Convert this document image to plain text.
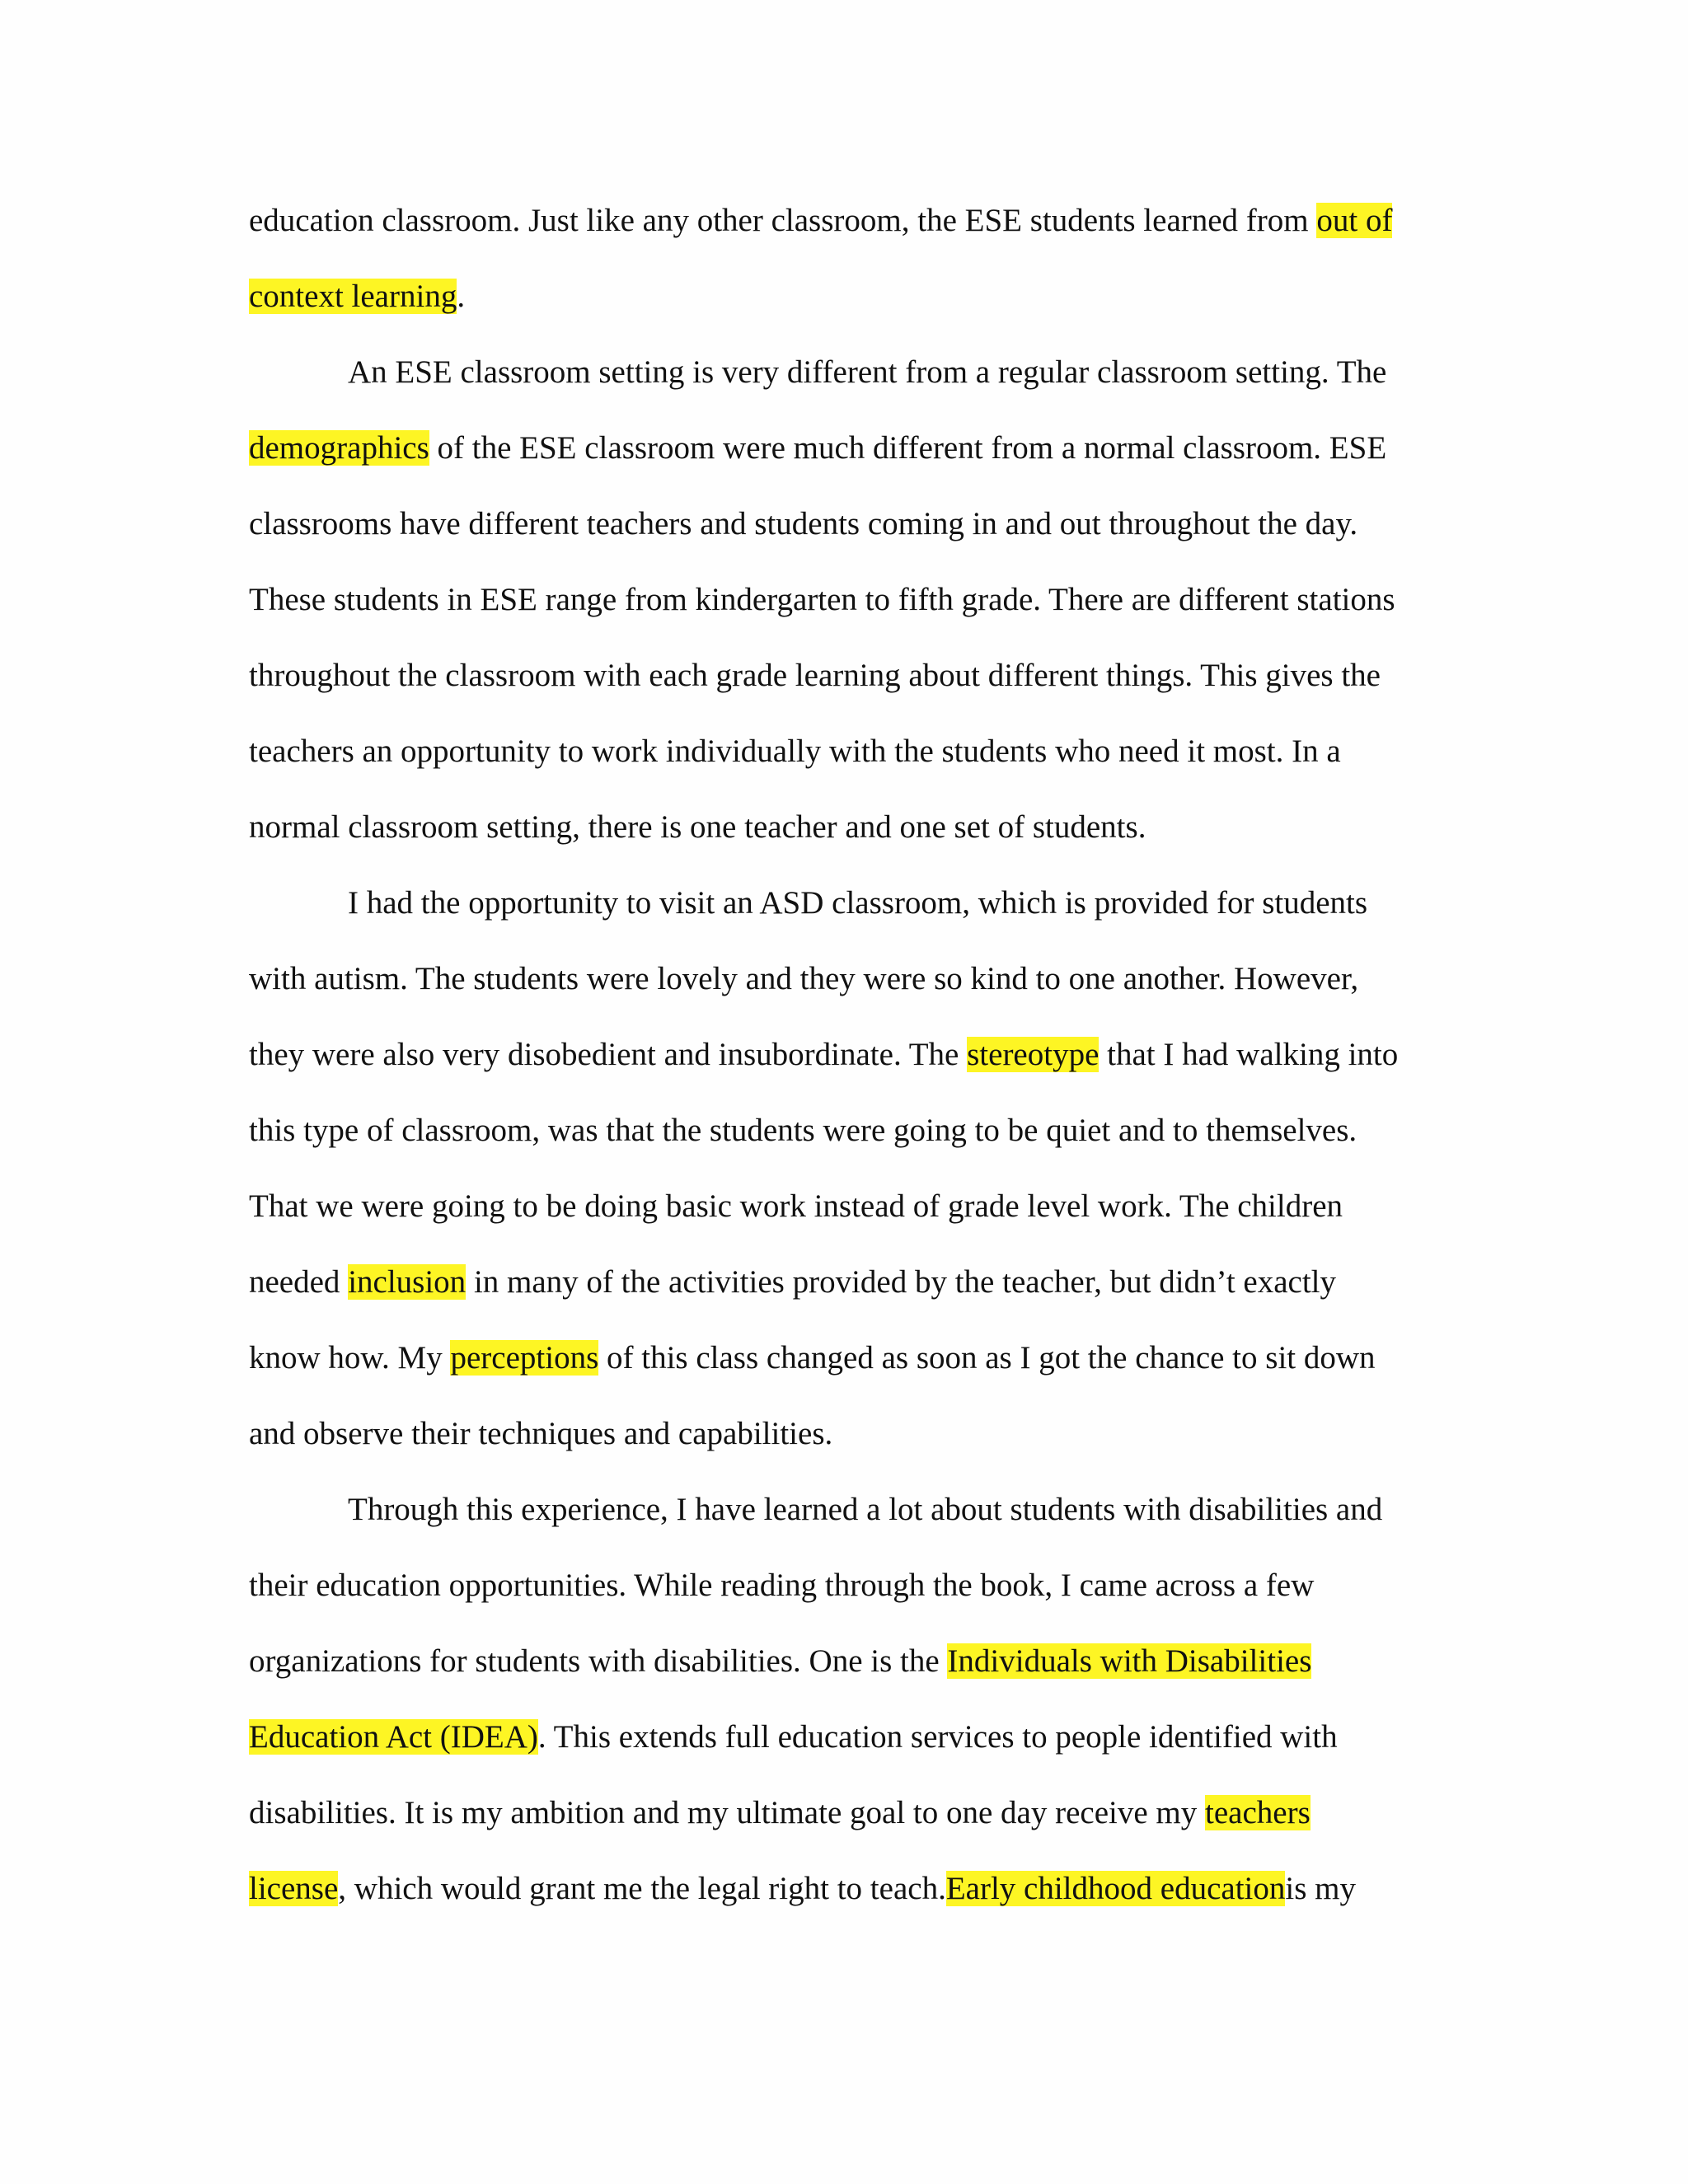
education classroom. Just like any other classroom, the ESE students learned from out of
context learning.
An ESE classroom setting is very different from a regular classroom setting. The
demographics of the ESE classroom were much different from a normal classroom. ESE
classrooms have different teachers and students coming in and out throughout the day.
These students in ESE range from kindergarten to fifth grade. There are different stations
throughout the classroom with each grade learning about different things. This gives the
teachers an opportunity to work individually with the students who need it most. In a
normal classroom setting, there is one teacher and one set of students.
I had the opportunity to visit an ASD classroom, which is provided for students
with autism. The students were lovely and they were so kind to one another. However,
they were also very disobedient and insubordinate. The stereotype that I had walking into
this type of classroom, was that the students were going to be quiet and to themselves.
That we were going to be doing basic work instead of grade level work. The children
needed inclusion in many of the activities provided by the teacher, but didn’t exactly
know how. My perceptions of this class changed as soon as I got the chance to sit down
and observe their techniques and capabilities.
Through this experience, I have learned a lot about students with disabilities and
their education opportunities. While reading through the book, I came across a few
organizations for students with disabilities. One is the Individuals with Disabilities
Education Act (IDEA). This extends full education services to people identified with
disabilities. It is my ambition and my ultimate goal to one day receive my teachers
license, which would grant me the legal right to teach.Early childhood educationis my
